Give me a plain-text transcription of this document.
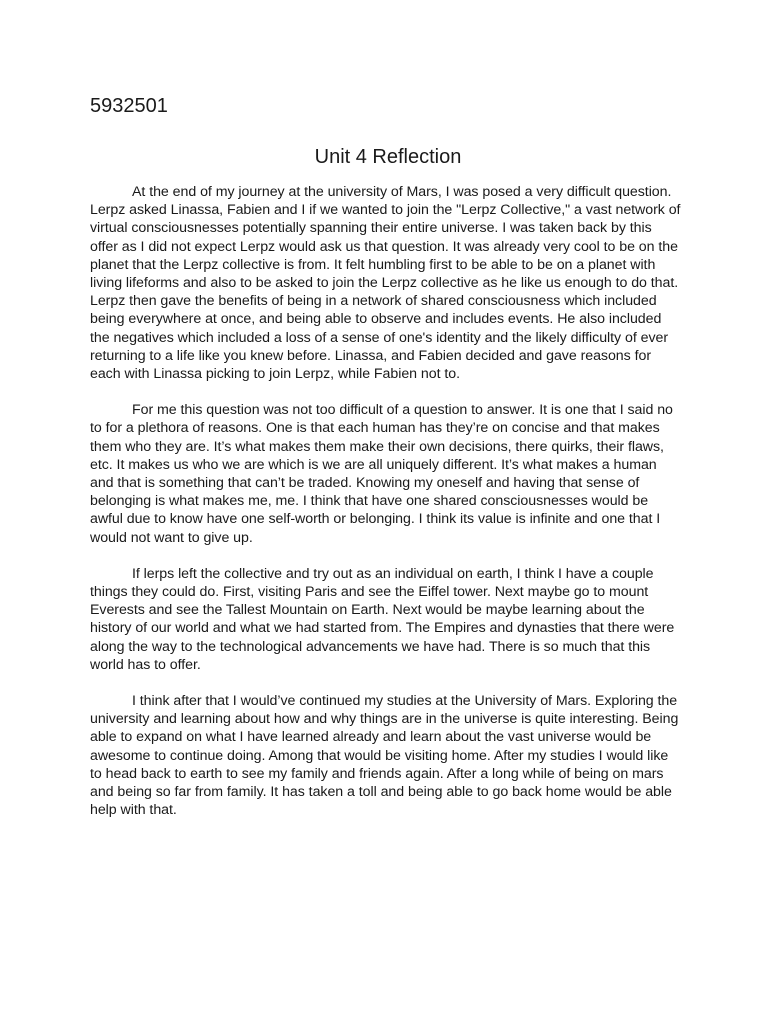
5932501
Unit 4 Reflection

At the end of my journey at the university of Mars, I was posed a very difficult question. Lerpz asked Linassa, Fabien and I if we wanted to join the "Lerpz Collective," a vast network of virtual consciousnesses potentially spanning their entire universe. I was taken back by this offer as I did not expect Lerpz would ask us that question. It was already very cool to be on the planet that the Lerpz collective is from. It felt humbling first to be able to be on a planet with living lifeforms and also to be asked to join the Lerpz collective as he like us enough to do that. Lerpz then gave the benefits of being in a network of shared consciousness which included being everywhere at once, and being able to observe and includes events. He also included the negatives which included a loss of a sense of one's identity and the likely difficulty of ever returning to a life like you knew before. Linassa, and Fabien decided and gave reasons for each with Linassa picking to join Lerpz, while Fabien not to.

For me this question was not too difficult of a question to answer. It is one that I said no to for a plethora of reasons. One is that each human has they’re on concise and that makes them who they are. It’s what makes them make their own decisions, there quirks, their flaws, etc. It makes us who we are which is we are all uniquely different. It’s what makes a human and that is something that can’t be traded. Knowing my oneself and having that sense of belonging is what makes me, me. I think that have one shared consciousnesses would be awful due to know have one self-worth or belonging. I think its value is infinite and one that I would not want to give up.

If lerps left the collective and try out as an individual on earth, I think I have a couple things they could do. First, visiting Paris and see the Eiffel tower. Next maybe go to mount Everests and see the Tallest Mountain on Earth. Next would be maybe learning about the history of our world and what we had started from. The Empires and dynasties that there were along the way to the technological advancements we have had. There is so much that this world has to offer.

I think after that I would’ve continued my studies at the University of Mars. Exploring the university and learning about how and why things are in the universe is quite interesting. Being able to expand on what I have learned already and learn about the vast universe would be awesome to continue doing. Among that would be visiting home. After my studies I would like to head back to earth to see my family and friends again. After a long while of being on mars and being so far from family. It has taken a toll and being able to go back home would be able help with that.
